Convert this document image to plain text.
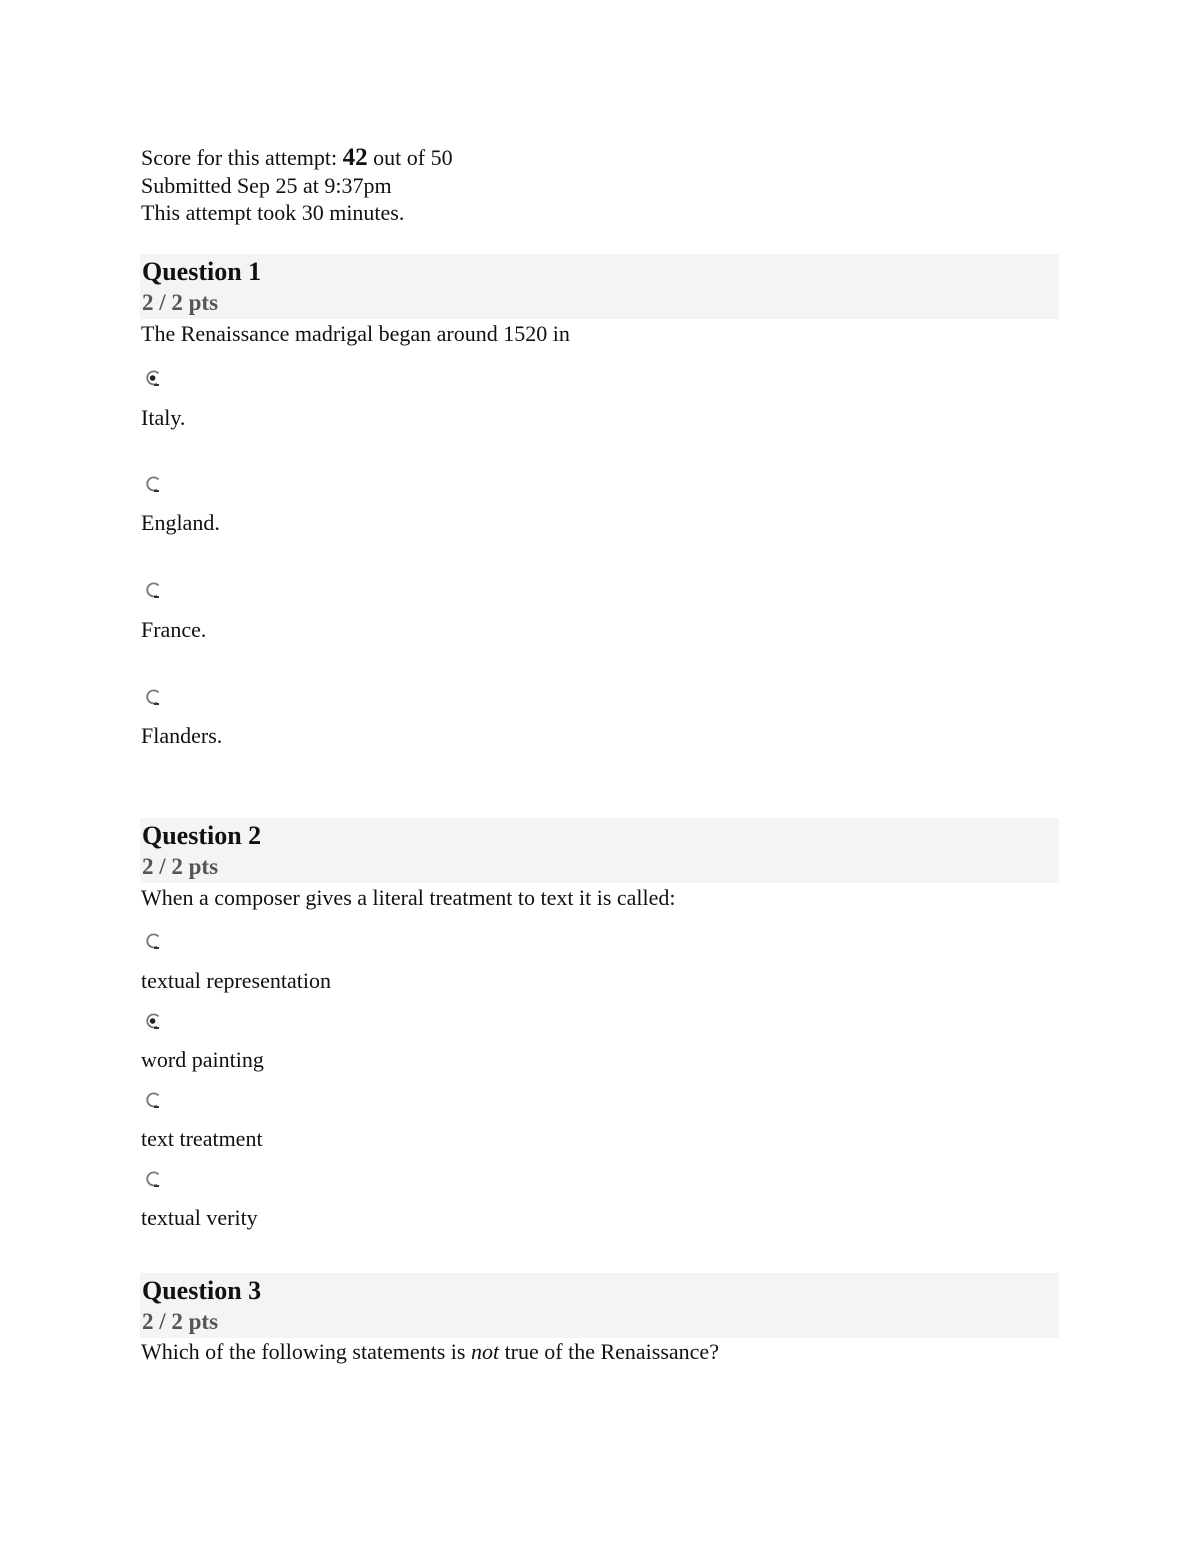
Score for this attempt: 42 out of 50
Submitted Sep 25 at 9:37pm
This attempt took 30 minutes.
Question 1
2 / 2 pts
The Renaissance madrigal began around 1520 in
Italy.
England.
France.
Flanders.
Question 2
2 / 2 pts
When a composer gives a literal treatment to text it is called:
textual representation
word painting
text treatment
textual verity
Question 3
2 / 2 pts
Which of the following statements is not true of the Renaissance?
